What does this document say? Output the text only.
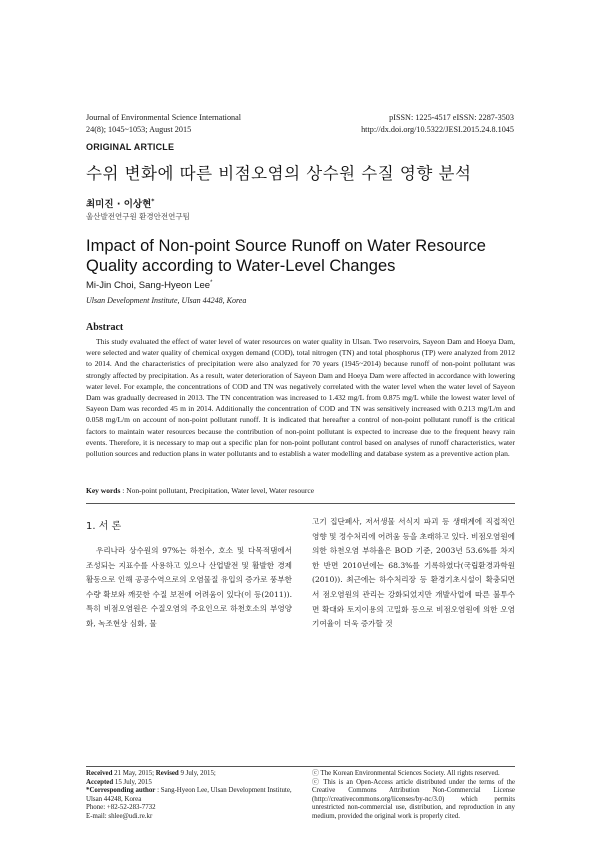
Journal of Environmental Science International
24(8); 1045~1053; August 2015
pISSN: 1225-4517 eISSN: 2287-3503
http://dx.doi.org/10.5322/JESI.2015.24.8.1045
ORIGINAL ARTICLE
수위 변화에 따른 비점오염의 상수원 수질 영향 분석
최미진 · 이상현*
울산발전연구원 환경안전연구팀
Impact of Non-point Source Runoff on Water Resource Quality according to Water-Level Changes
Mi-Jin Choi, Sang-Hyeon Lee*
Ulsan Development Institute, Ulsan 44248, Korea
Abstract
This study evaluated the effect of water level of water resources on water quality in Ulsan. Two reservoirs, Sayeon Dam and Hoeya Dam, were selected and water quality of chemical oxygen demand (COD), total nitrogen (TN) and total phosphorus (TP) were analyzed from 2012 to 2014. And the characteristics of precipitation were also analyzed for 70 years (1945~2014) because runoff of non-point pollutant was strongly affected by precipitation. As a result, water deterioration of Sayeon Dam and Hoeya Dam were affected in accordance with lowering water level. For example, the concentrations of COD and TN was negatively correlated with the water level when the water level of Sayeon Dam was gradually decreased in 2013. The TN concentration was increased to 1.432 mg/L from 0.875 mg/L while the lowest water level of Sayeon Dam was recorded 45 m in 2014. Additionally the concentration of COD and TN was sensitively increased with 0.213 mg/L/m and 0.058 mg/L/m on account of non-point pollutant runoff. It is indicated that hereafter a control of non-point pollutant runoff is the critical factors to maintain water resources because the contribution of non-point pollutant is expected to increase due to the frequent heavy rain events. Therefore, it is necessary to map out a specific plan for non-point pollutant control based on analyses of runoff characteristics, water pollution sources and reduction plans in water pollutants and to establish a water modelling and database system as a preventive action plan.
Key words : Non-point pollutant, Precipitation, Water level, Water resource
1. 서 론
우리나라 상수원의 97%는 하천수, 호소 및 다목적댐에서 조성되는 지표수를 사용하고 있으나 산업발전 및 활발한 경제활동으로 인해 공공수역으로의 오염물질 유입의 증가로 풍부한 수량 확보와 깨끗한 수질 보전에 어려움이 있다(이 등(2011)). 특히 비점오염원은 수질오염의 주요인으로 하천호소의 부영양화, 녹조현상 심화, 물
고기 집단폐사, 저서생물 서식지 파괴 등 생태계에 직접적인 영향 및 정수처리에 어려움 등을 초래하고 있다. 비점오염원에 의한 하천오염 부하율은 BOD 기준, 2003년 53.6%를 차지한 반면 2010년에는 68.3%를 기록하였다(국립환경과학원(2010)). 최근에는 하수처리장 등 환경기초시설이 확충되면서 점오염원의 관리는 강화되었지만 개발사업에 따른 불투수면 확대와 토지이용의 고밀화 등으로 비점오염원에 의한 오염기여율이 더욱 증가할 것
Received 21 May, 2015; Revised 9 July, 2015;
Accepted 15 July, 2015
*Corresponding author : Sang-Hyeon Lee, Ulsan Development Institute, Ulsan 44248, Korea
Phone: +82-52-283-7732
E-mail: shlee@udi.re.kr
ⓒ The Korean Environmental Sciences Society. All rights reserved.
ⓒ This is an Open-Access article distributed under the terms of the Creative Commons Attribution Non-Commercial License (http://creativecommons.org/licenses/by-nc/3.0) which permits unrestricted non-commercial use, distribution, and reproduction in any medium, provided the original work is properly cited.
